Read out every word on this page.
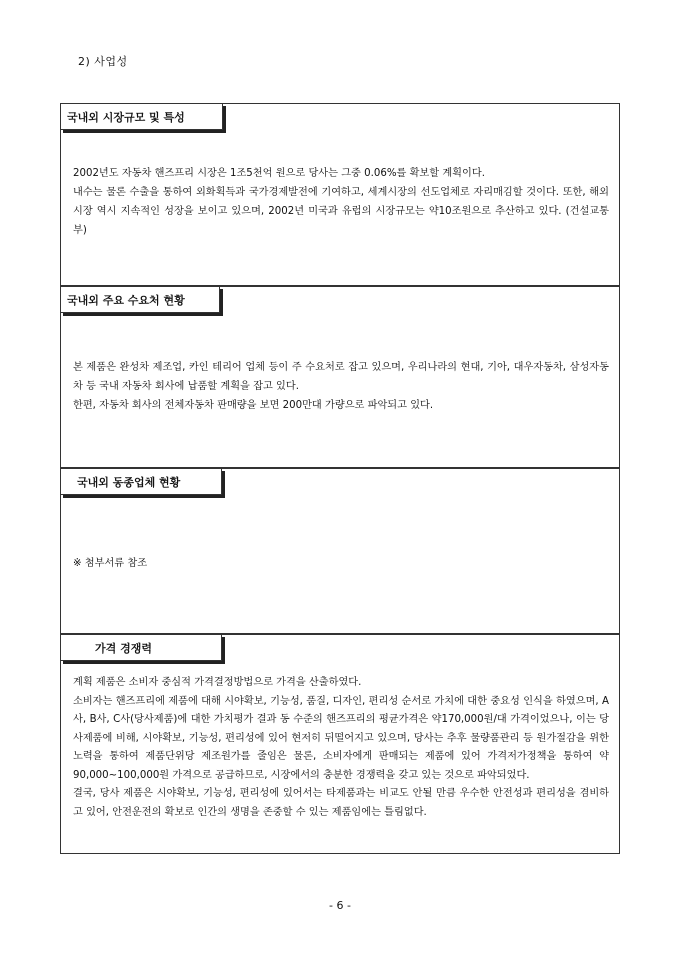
2) 사업성
국내외 시장규모 및 특성

2002년도 자동차 핸즈프리 시장은 1조5천억 원으로 당사는 그중 0.06%를 확보할 계획이다.

내수는 물론 수출을 통하여 외화획득과 국가경제발전에 기여하고, 세계시장의 선도업체로 자리매김할 것이다. 또한, 해외시장 역시 지속적인 성장을 보이고 있으며, 2002년 미국과 유럽의 시장규모는 약10조원으로 추산하고 있다. (건설교통부)

국내외 주요 수요처 현황

본 제품은 완성차 제조업, 카인 테리어 업체 등이 주 수요처로 잡고 있으며, 우리나라의 현대, 기아, 대우자동차, 삼성자동차 등 국내 자동차 회사에 납품할 계획을 잡고 있다.

한편, 자동차 회사의 전체자동차 판매량을 보면 200만대 가량으로 파악되고 있다.

국내외 동종업체 현황

※ 첨부서류 참조

가격 경쟁력

계획 제품은 소비자 중심적 가격결정방법으로 가격을 산출하였다.

소비자는 핸즈프리에 제품에 대해 시야확보, 기능성, 품질, 디자인, 편리성 순서로 가치에 대한 중요성 인식을 하였으며, A사, B사, C사(당사제품)에 대한 가치평가 결과 동 수준의 핸즈프리의 평균가격은 약170,000원/대 가격이었으나, 이는 당사제품에 비해, 시야확보, 기능성, 편리성에 있어 현저히 뒤떨어지고 있으며, 당사는 추후 물량품관리 등 원가절감을 위한 노력을 통하여 제품단위당 제조원가를 줄임은 물론, 소비자에게 판매되는 제품에 있어 가격저가정책을 통하여 약90,000~100,000원 가격으로 공급하므로, 시장에서의 충분한 경쟁력을 갖고 있는 것으로 파악되었다.

결국, 당사 제품은 시야확보, 기능성, 편리성에 있어서는 타제품과는 비교도 안될 만큼 우수한 안전성과 편리성을 겸비하고 있어, 안전운전의 확보로 인간의 생명을 존중할 수 있는 제품임에는 틀림없다.

- 6 -
